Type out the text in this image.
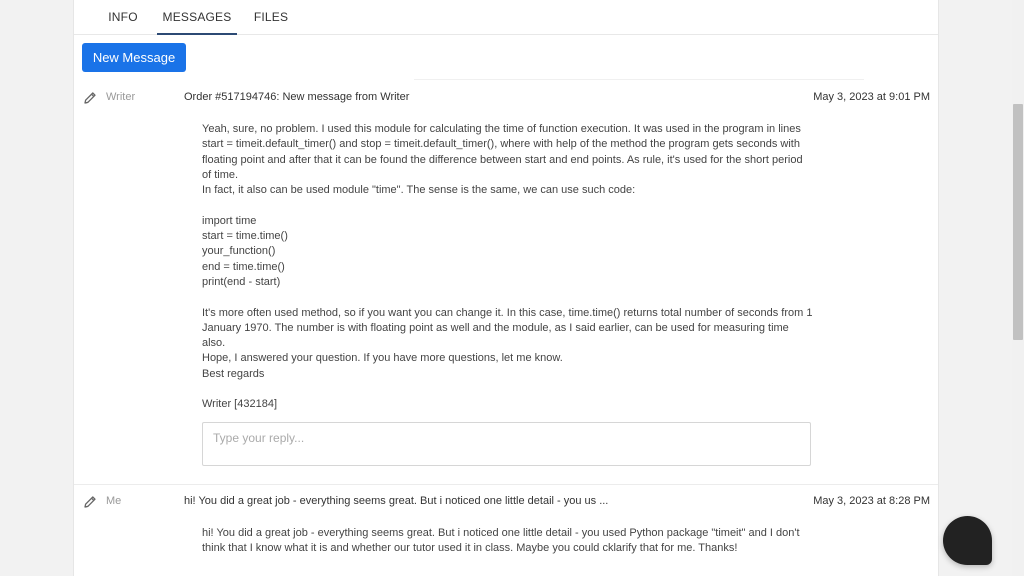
INFO	MESSAGES	FILES
New Message
Writer	Order #517194746: New message from Writer	May 3, 2023 at 9:01 PM

Yeah, sure, no problem. I used this module for calculating the time of function execution. It was used in the program in lines start = timeit.default_timer() and stop = timeit.default_timer(), where with help of the method the program gets seconds with floating point and after that it can be found the difference between start and end points. As rule, it's used for the short period of time.

In fact, it also can be used module "time". The sense is the same, we can use such code:

import time

start = time.time()

your_function()

end = time.time()

print(end - start)

It's more often used method, so if you want you can change it. In this case, time.time() returns total number of seconds from 1 January 1970. The number is with floating point as well and the module, as I said earlier, can be used for measuring time also.

Hope, I answered your question. If you have more questions, let me know.

Best regards

Writer [432184]

Type your reply...
Me	hi! You did a great job - everything seems great. But i noticed one little detail - you us ...	May 3, 2023 at 8:28 PM

hi! You did a great job - everything seems great. But i noticed one little detail - you used Python package "timeit" and I don't think that I know what it is and whether our tutor used it in class. Maybe you could cklarify that for me. Thanks!
